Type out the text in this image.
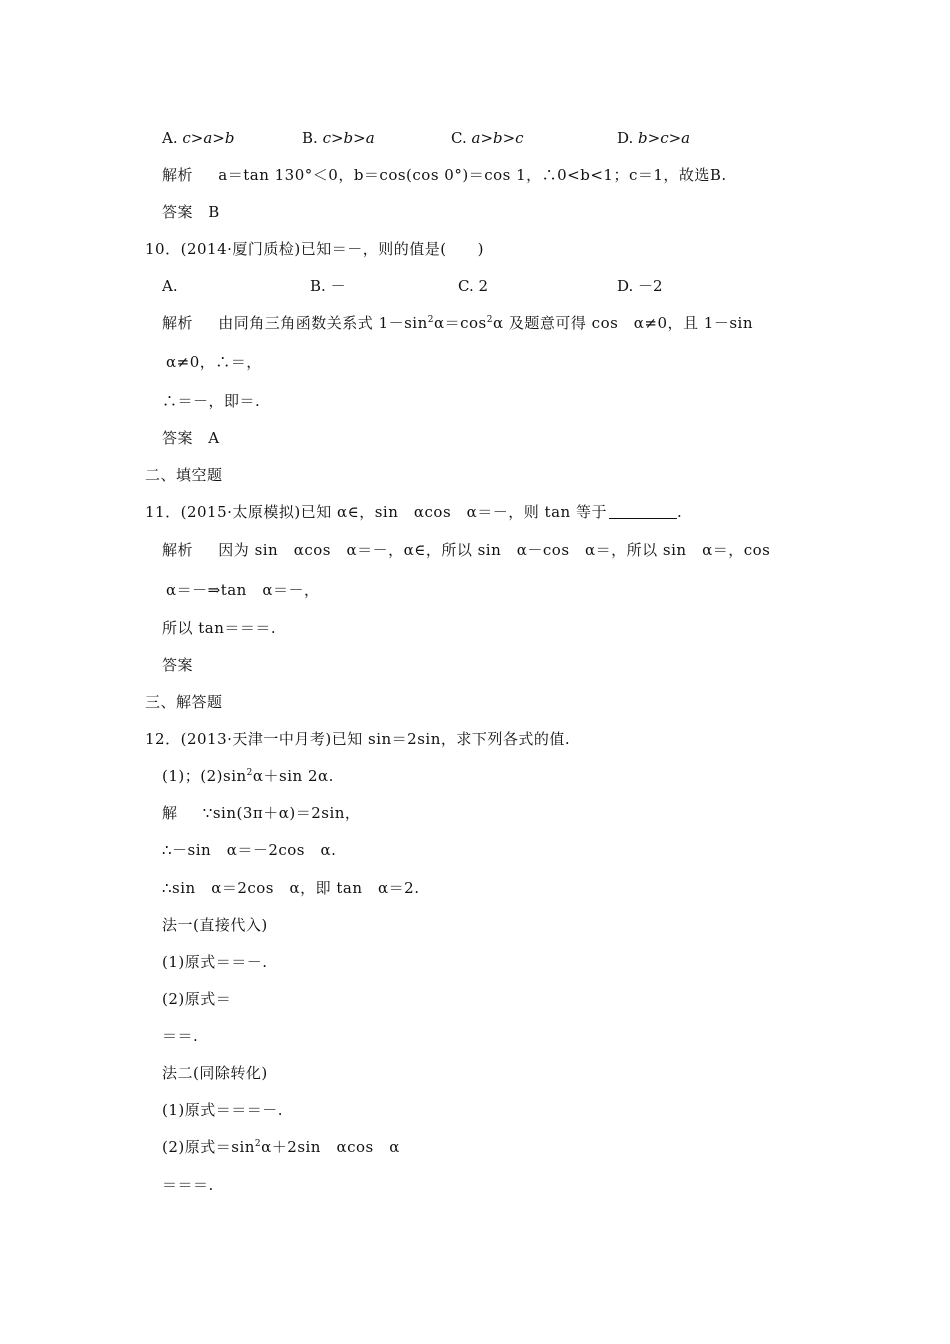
A. c>a>b	B. c>b>a	C. a>b>c	D. b>c>a
解析 a＝tan 130°＜0，b＝cos(cos 0°)＝cos 1，∴0<b<1；c＝1，故选B.
答案 B
10．(2014·厦门质检)已知＝－，则的值是(　　)
A.	B. －	C. 2	D. －2
解析 由同角三角函数关系式 $1-\sin^2\alpha=\cos^2\alpha$ 及题意可得 cos　α≠0，且 1－sin
α≠0，∴＝，
∴＝－，即＝.
答案 A
二、填空题
11．(2015·太原模拟)已知 α∈，sin　αcos　α＝－，则 tan 等于	.
解析 因为 sin　αcos　α＝－，α∈，所以 sin　α－cos　α＝，所以 sin　α＝，cos
α＝－⇒tan　α＝－，
所以 tan＝＝＝.
答案
三、解答题
12．(2013·天津一中月考)已知 sin＝2sin，求下列各式的值.
(1)；$(2)\sin^2\alpha+\sin$ 2α.
解 ∵sin(3π＋α)＝2sin，
∴－sin　α＝－2cos　α.
∴sin　α＝2cos　α，即 tan　α＝2.
法一(直接代入)
(1)原式＝＝－.
(2)原式＝
＝＝.
法二(同除转化)
(1)原式＝＝＝－.
(2)原式$=\sin^2\alpha+2\sin$　αcos　α
＝＝＝.
